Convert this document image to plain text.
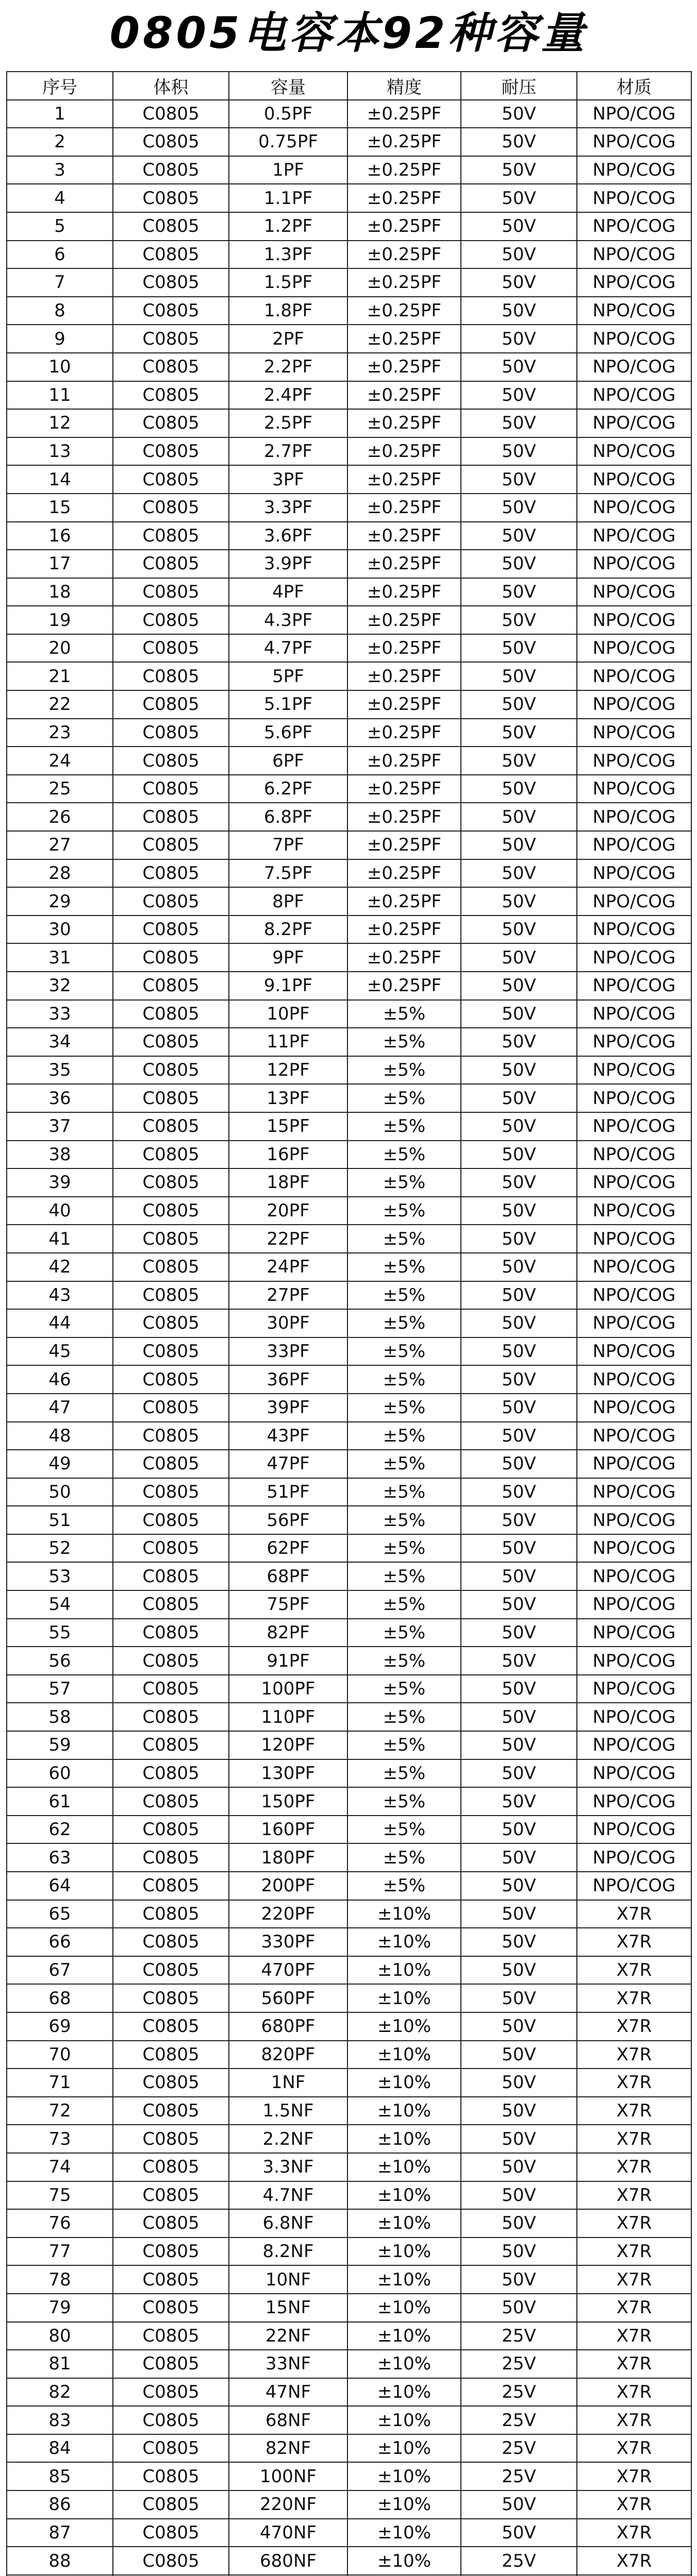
0805电容本92种容量
序号	体积	容量	精度	耐压	材质
1	C0805	0.5PF	±0.25PF	50V	NPO/COG
2	C0805	0.75PF	±0.25PF	50V	NPO/COG
3	C0805	1PF	±0.25PF	50V	NPO/COG
4	C0805	1.1PF	±0.25PF	50V	NPO/COG
5	C0805	1.2PF	±0.25PF	50V	NPO/COG
6	C0805	1.3PF	±0.25PF	50V	NPO/COG
7	C0805	1.5PF	±0.25PF	50V	NPO/COG
8	C0805	1.8PF	±0.25PF	50V	NPO/COG
9	C0805	2PF	±0.25PF	50V	NPO/COG
10	C0805	2.2PF	±0.25PF	50V	NPO/COG
11	C0805	2.4PF	±0.25PF	50V	NPO/COG
12	C0805	2.5PF	±0.25PF	50V	NPO/COG
13	C0805	2.7PF	±0.25PF	50V	NPO/COG
14	C0805	3PF	±0.25PF	50V	NPO/COG
15	C0805	3.3PF	±0.25PF	50V	NPO/COG
16	C0805	3.6PF	±0.25PF	50V	NPO/COG
17	C0805	3.9PF	±0.25PF	50V	NPO/COG
18	C0805	4PF	±0.25PF	50V	NPO/COG
19	C0805	4.3PF	±0.25PF	50V	NPO/COG
20	C0805	4.7PF	±0.25PF	50V	NPO/COG
21	C0805	5PF	±0.25PF	50V	NPO/COG
22	C0805	5.1PF	±0.25PF	50V	NPO/COG
23	C0805	5.6PF	±0.25PF	50V	NPO/COG
24	C0805	6PF	±0.25PF	50V	NPO/COG
25	C0805	6.2PF	±0.25PF	50V	NPO/COG
26	C0805	6.8PF	±0.25PF	50V	NPO/COG
27	C0805	7PF	±0.25PF	50V	NPO/COG
28	C0805	7.5PF	±0.25PF	50V	NPO/COG
29	C0805	8PF	±0.25PF	50V	NPO/COG
30	C0805	8.2PF	±0.25PF	50V	NPO/COG
31	C0805	9PF	±0.25PF	50V	NPO/COG
32	C0805	9.1PF	±0.25PF	50V	NPO/COG
33	C0805	10PF	±5%	50V	NPO/COG
34	C0805	11PF	±5%	50V	NPO/COG
35	C0805	12PF	±5%	50V	NPO/COG
36	C0805	13PF	±5%	50V	NPO/COG
37	C0805	15PF	±5%	50V	NPO/COG
38	C0805	16PF	±5%	50V	NPO/COG
39	C0805	18PF	±5%	50V	NPO/COG
40	C0805	20PF	±5%	50V	NPO/COG
41	C0805	22PF	±5%	50V	NPO/COG
42	C0805	24PF	±5%	50V	NPO/COG
43	C0805	27PF	±5%	50V	NPO/COG
44	C0805	30PF	±5%	50V	NPO/COG
45	C0805	33PF	±5%	50V	NPO/COG
46	C0805	36PF	±5%	50V	NPO/COG
47	C0805	39PF	±5%	50V	NPO/COG
48	C0805	43PF	±5%	50V	NPO/COG
49	C0805	47PF	±5%	50V	NPO/COG
50	C0805	51PF	±5%	50V	NPO/COG
51	C0805	56PF	±5%	50V	NPO/COG
52	C0805	62PF	±5%	50V	NPO/COG
53	C0805	68PF	±5%	50V	NPO/COG
54	C0805	75PF	±5%	50V	NPO/COG
55	C0805	82PF	±5%	50V	NPO/COG
56	C0805	91PF	±5%	50V	NPO/COG
57	C0805	100PF	±5%	50V	NPO/COG
58	C0805	110PF	±5%	50V	NPO/COG
59	C0805	120PF	±5%	50V	NPO/COG
60	C0805	130PF	±5%	50V	NPO/COG
61	C0805	150PF	±5%	50V	NPO/COG
62	C0805	160PF	±5%	50V	NPO/COG
63	C0805	180PF	±5%	50V	NPO/COG
64	C0805	200PF	±5%	50V	NPO/COG
65	C0805	220PF	±10%	50V	X7R
66	C0805	330PF	±10%	50V	X7R
67	C0805	470PF	±10%	50V	X7R
68	C0805	560PF	±10%	50V	X7R
69	C0805	680PF	±10%	50V	X7R
70	C0805	820PF	±10%	50V	X7R
71	C0805	1NF	±10%	50V	X7R
72	C0805	1.5NF	±10%	50V	X7R
73	C0805	2.2NF	±10%	50V	X7R
74	C0805	3.3NF	±10%	50V	X7R
75	C0805	4.7NF	±10%	50V	X7R
76	C0805	6.8NF	±10%	50V	X7R
77	C0805	8.2NF	±10%	50V	X7R
78	C0805	10NF	±10%	50V	X7R
79	C0805	15NF	±10%	50V	X7R
80	C0805	22NF	±10%	25V	X7R
81	C0805	33NF	±10%	25V	X7R
82	C0805	47NF	±10%	25V	X7R
83	C0805	68NF	±10%	25V	X7R
84	C0805	82NF	±10%	25V	X7R
85	C0805	100NF	±10%	25V	X7R
86	C0805	220NF	±10%	50V	X7R
87	C0805	470NF	±10%	50V	X7R
88	C0805	680NF	±10%	25V	X7R
